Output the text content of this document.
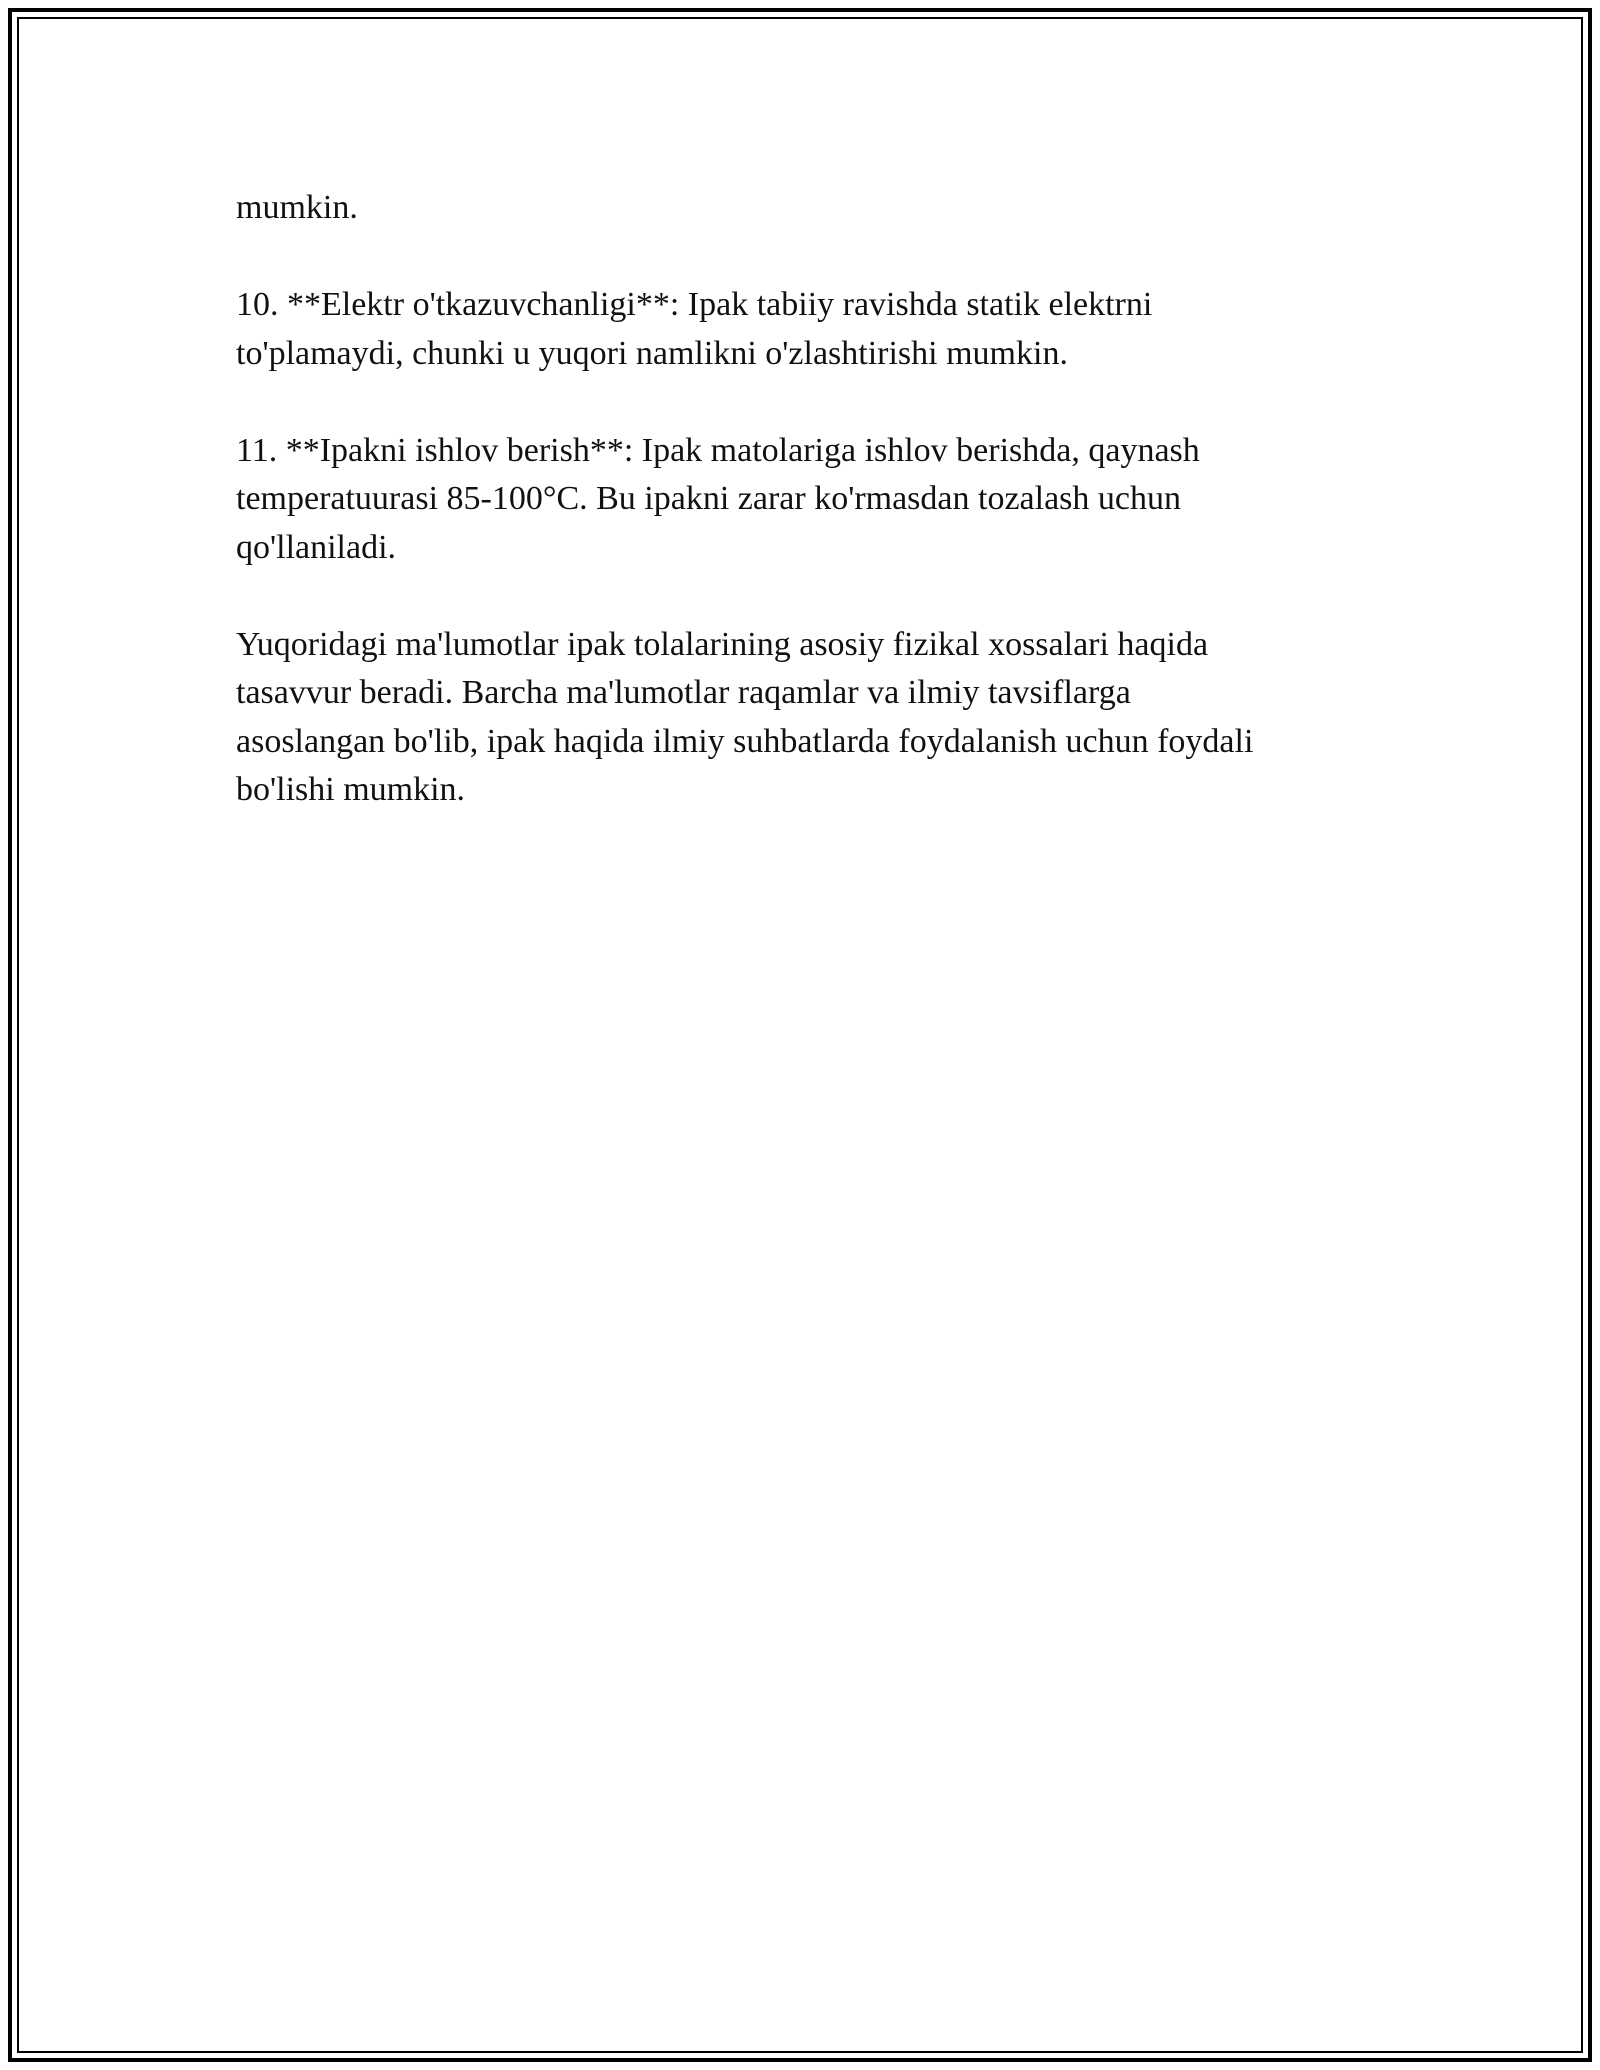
mumkin.

10. **Elektr o'tkazuvchanligi**: Ipak tabiiy ravishda statik elektrni
to'plamaydi, chunki u yuqori namlikni o'zlashtirishi mumkin.

11. **Ipakni ishlov berish**: Ipak matolariga ishlov berishda, qaynash
temperatuurasi 85-100°C. Bu ipakni zarar ko'rmasdan tozalash uchun
qo'llaniladi.

Yuqoridagi ma'lumotlar ipak tolalarining asosiy fizikal xossalari haqida
tasavvur beradi. Barcha ma'lumotlar raqamlar va ilmiy tavsiflarga
asoslangan bo'lib, ipak haqida ilmiy suhbatlarda foydalanish uchun foydali
bo'lishi mumkin.
